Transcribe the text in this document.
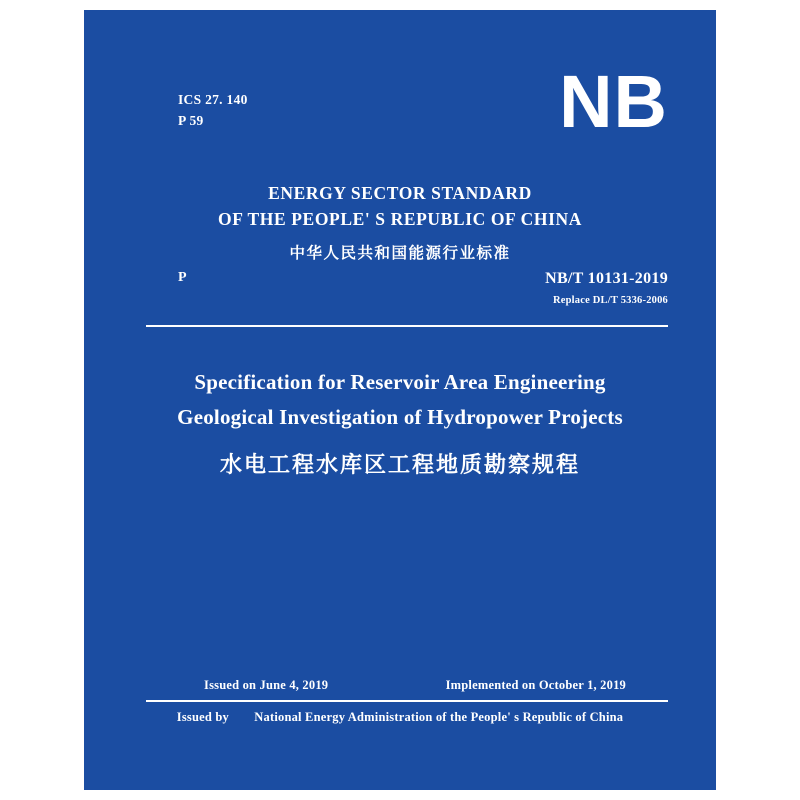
ICS 27. 140
P 59	NB
ENERGY SECTOR STANDARD
OF THE PEOPLE' S REPUBLIC OF CHINA
中华人民共和国能源行业标准
P	NB/T 10131-2019
Replace DL/T 5336-2006
Specification for Reservoir Area Engineering
Geological Investigation of Hydropower Projects
水电工程水库区工程地质勘察规程
Issued on June 4, 2019	Implemented on October 1, 2019
Issued by National Energy Administration of the People' s Republic of China
